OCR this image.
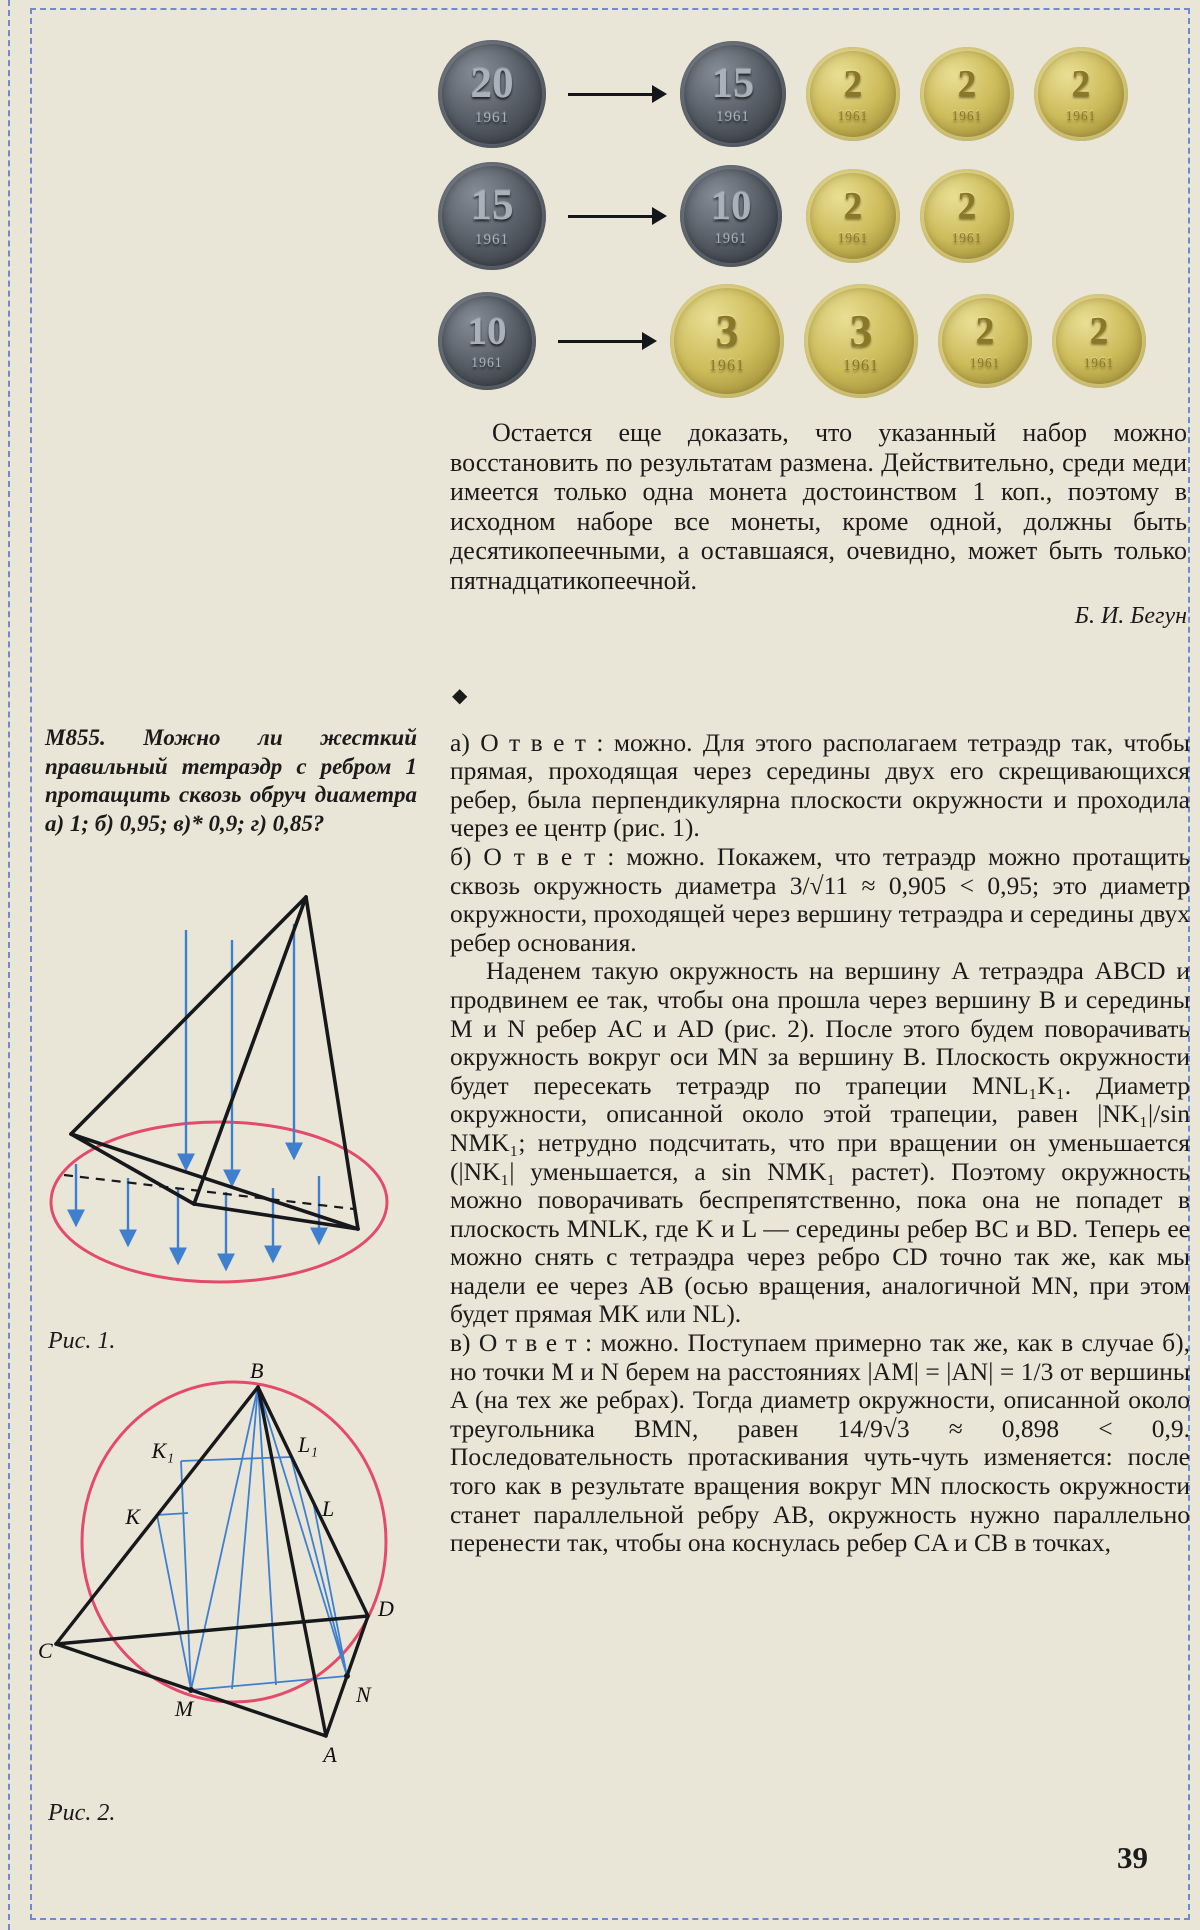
20
1961
15
1961
2
1961
2
1961
2
1961
15
1961
10
1961
2
1961
2
1961
10
1961
3
1961
3
1961
2
1961
2
1961

Остается еще доказать, что указанный набор можно восстановить по результатам размена. Действительно, среди меди имеется только одна монета достоинством 1 коп., поэтому в исходном наборе все монеты, кроме одной, должны быть десятикопеечными, а оставшаяся, очевидно, может быть только пятнадцатикопеечной.

Б. И. Бегун
М855. Можно ли жесткий правильный тетраэдр с ребром 1 протащить сквозь обруч диаметра а) 1; б) 0,95; в)* 0,9; г) 0,85?
Рис. 1.
B
K₁	L₁
K	L
C
D
M
N
A
Рис. 2.
◆

а) О т в е т : можно. Для этого располагаем тетраэдр так, чтобы прямая, проходящая через середины двух его скрещивающихся ребер, была перпендикулярна плоскости окружности и проходила через ее центр (рис. 1).

б) О т в е т : можно. Покажем, что тетраэдр можно протащить сквозь окружность диаметра 3/√11 ≈ 0,905 < 0,95; это диаметр окружности, проходящей через вершину тетраэдра и середины двух ребер основания.

Наденем такую окружность на вершину A тетраэдра ABCD и продвинем ее так, чтобы она прошла через вершину B и середины M и N ребер AC и AD (рис. 2). После этого будем поворачивать окружность вокруг оси MN за вершину B. Плоскость окружности будет пересекать тетраэдр по трапеции MNL₁K₁. Диаметр окружности, описанной около этой трапеции, равен |NK₁|/sin NMK₁; нетрудно подсчитать, что при вращении он уменьшается (|NK₁| уменьшается, а sin NMK₁ растет). Поэтому окружность можно поворачивать беспрепятственно, пока она не попадет в плоскость MNLK, где K и L — середины ребер BC и BD. Теперь ее можно снять с тетраэдра через ребро CD точно так же, как мы надели ее через AB (осью вращения, аналогичной MN, при этом будет прямая MK или NL).

в) О т в е т : можно. Поступаем примерно так же, как в случае б), но точки M и N берем на расстояниях |AM| = |AN| = 1/3 от вершины A (на тех же ребрах). Тогда диаметр окружности, описанной около треугольника BMN, равен 14/9√3 ≈ 0,898 < 0,9. Последовательность протаскивания чуть-чуть изменяется: после того как в результате вращения вокруг MN плоскость окружности станет параллельной ребру AB, окружность нужно параллельно перенести так, чтобы она коснулась ребер CA и CB в точках,

39
